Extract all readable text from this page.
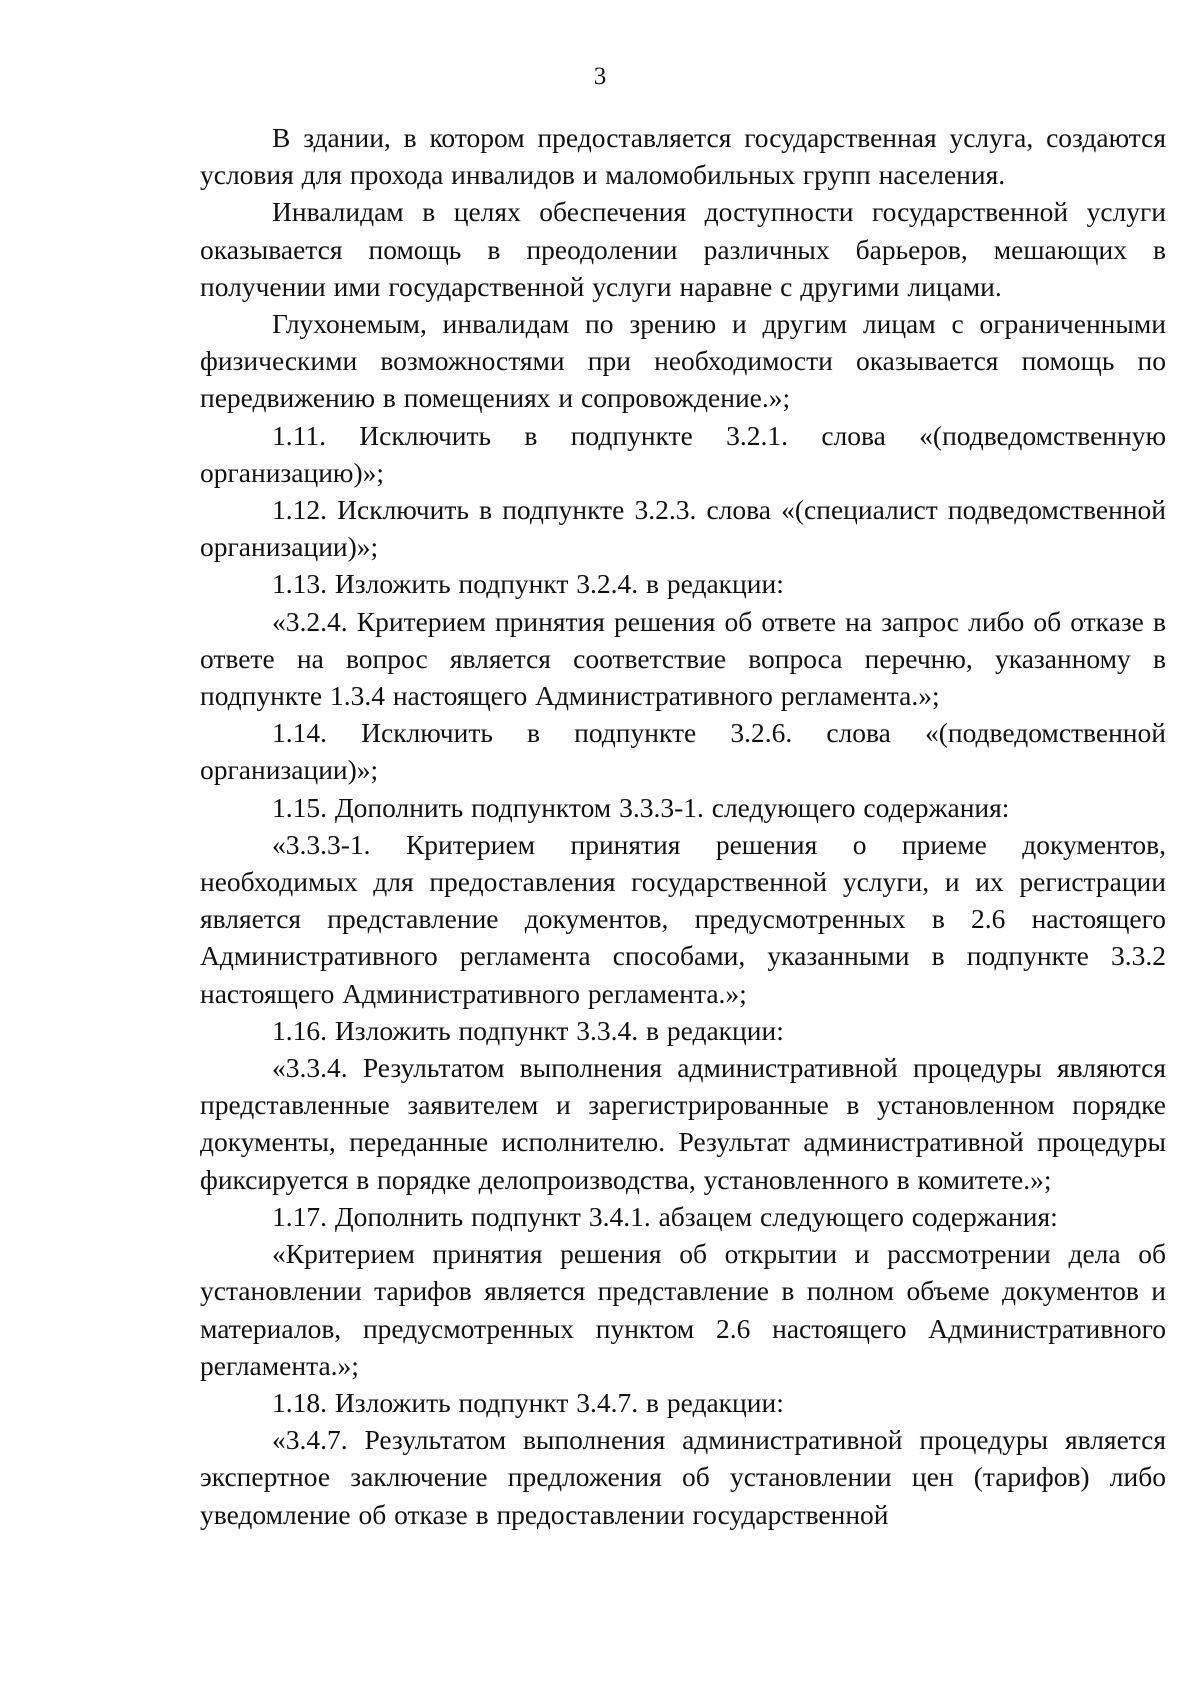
3

В здании, в котором предоставляется государственная услуга, создаются условия для прохода инвалидов и маломобильных групп населения.

Инвалидам в целях обеспечения доступности государственной услуги оказывается помощь в преодолении различных барьеров, мешающих в получении ими государственной услуги наравне с другими лицами.

Глухонемым, инвалидам по зрению и другим лицам с ограниченными физическими возможностями при необходимости оказывается помощь по передвижению в помещениях и сопровождение.»;

1.11. Исключить в подпункте 3.2.1. слова «(подведомственную организацию)»;

1.12. Исключить в подпункте 3.2.3. слова «(специалист подведомственной организации)»;

1.13. Изложить подпункт 3.2.4. в редакции:

«3.2.4. Критерием принятия решения об ответе на запрос либо об отказе в ответе на вопрос является соответствие вопроса перечню, указанному в подпункте 1.3.4 настоящего Административного регламента.»;

1.14. Исключить в подпункте 3.2.6. слова «(подведомственной организации)»;

1.15. Дополнить подпунктом 3.3.3-1. следующего содержания:

«3.3.3-1. Критерием принятия решения о приеме документов, необходимых для предоставления государственной услуги, и их регистрации является представление документов, предусмотренных в 2.6 настоящего Административного регламента способами, указанными в подпункте 3.3.2 настоящего Административного регламента.»;

1.16. Изложить подпункт 3.3.4. в редакции:

«3.3.4. Результатом выполнения административной процедуры являются представленные заявителем и зарегистрированные в установленном порядке документы, переданные исполнителю. Результат административной процедуры фиксируется в порядке делопроизводства, установленного в комитете.»;

1.17. Дополнить подпункт 3.4.1. абзацем следующего содержания:

«Критерием принятия решения об открытии и рассмотрении дела об установлении тарифов является представление в полном объеме документов и материалов, предусмотренных пунктом 2.6 настоящего Административного регламента.»;

1.18. Изложить подпункт 3.4.7. в редакции:

«3.4.7. Результатом выполнения административной процедуры является экспертное заключение предложения об установлении цен (тарифов) либо уведомление об отказе в предоставлении государственной
